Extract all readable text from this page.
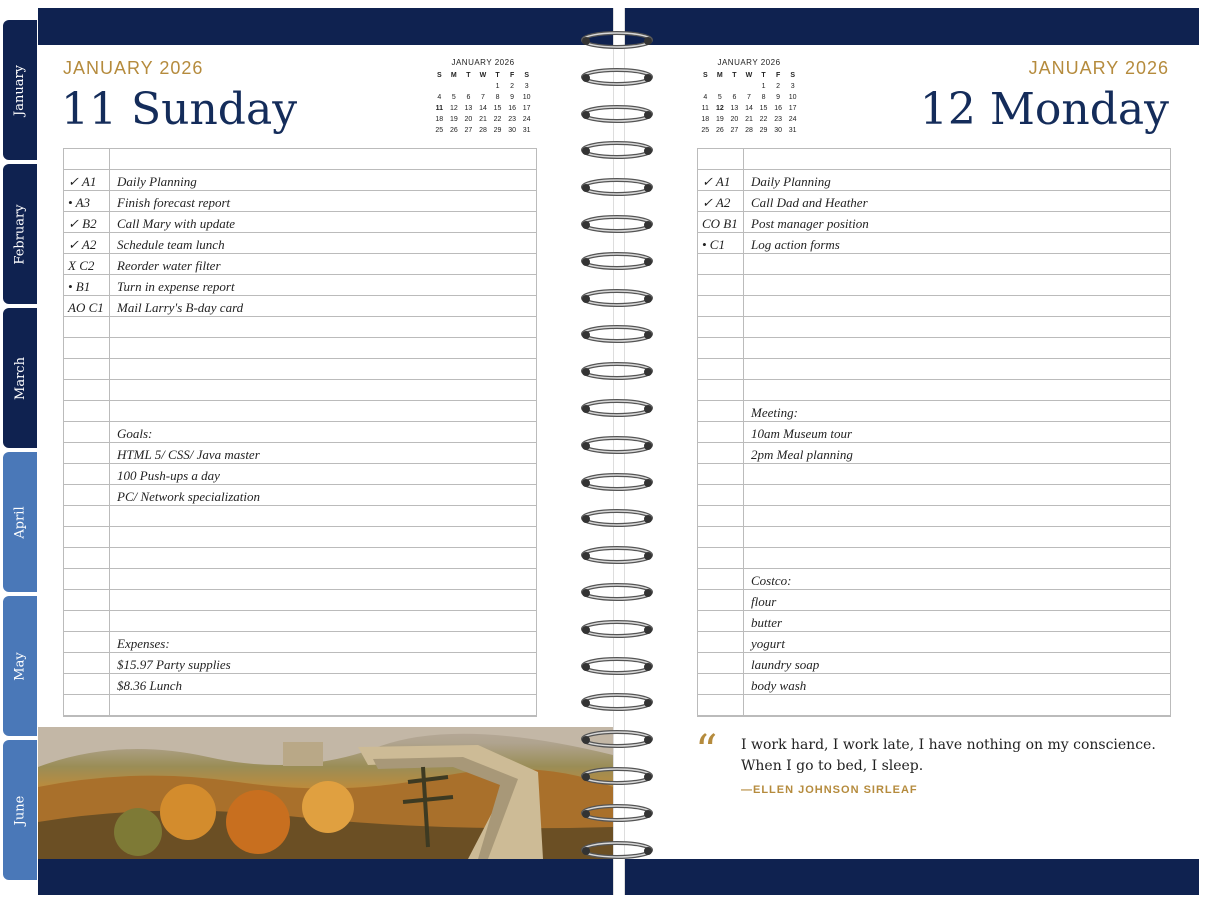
January
February
March
April
May
June
JANUARY 2026
11 Sunday
JANUARY 2026
S	M	T	W	T	F	S
				1	2	3
4	5	6	7	8	9	10
11	12	13	14	15	16	17
18	19	20	21	22	23	24
25	26	27	28	29	30	31
✓ A1	Daily Planning
• A3	Finish forecast report
✓ B2	Call Mary with update
✓ A2	Schedule team lunch
X C2	Reorder water filter
• B1	Turn in expense report
AO C1	Mail Larry's B-day card
Goals:
HTML 5/ CSS/ Java master
100 Push-ups a day
PC/ Network specialization
Expenses:
$15.97 Party supplies
$8.36 Lunch
JANUARY 2026
12 Monday
JANUARY 2026
S	M	T	W	T	F	S
				1	2	3
4	5	6	7	8	9	10
11	12	13	14	15	16	17
18	19	20	21	22	23	24
25	26	27	28	29	30	31
✓ A1	Daily Planning
✓ A2	Call Dad and Heather
CO B1	Post manager position
• C1	Log action forms
Meeting:
10am Museum tour
2pm Meal planning
Costco:
flour
butter
yogurt
laundry soap
body wash
“ I work hard, I work late, I have nothing on my conscience. When I go to bed, I sleep.
—ELLEN JOHNSON SIRLEAF
